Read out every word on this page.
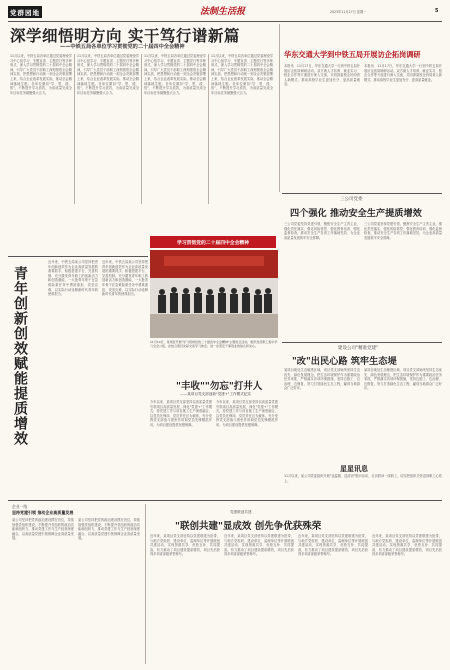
党群园地	法制生活报	2023年11月27日 星期一	5
深学细悟明方向 实干笃行谱新篇
——中铁五局各单位学习贯彻党的二十届四中全会精神
11月以来，中铁五局各单位通过党委理论学习中心组学习、专题宣讲、主题党日等多种形式，深入学习贯彻党的二十届四中全会精神，引导广大党员干部职工深刻领悟全会精神实质，把思想和行动统一到全会决策部署上来，结合企业改革发展实际，推动全会精神落地生根。各单位紧扣"学、思、践、悟"，不断提升学习质效，为高质量完成全年目标任务凝聚强大合力。
11月以来，中铁五局各单位通过党委理论学习中心组学习、专题宣讲、主题党日等多种形式，深入学习贯彻党的二十届四中全会精神，引导广大党员干部职工深刻领悟全会精神实质，把思想和行动统一到全会决策部署上来，结合企业改革发展实际，推动全会精神落地生根。各单位紧扣"学、思、践、悟"，不断提升学习质效，为高质量完成全年目标任务凝聚强大合力。
11月以来，中铁五局各单位通过党委理论学习中心组学习、专题宣讲、主题党日等多种形式，深入学习贯彻党的二十届四中全会精神，引导广大党员干部职工深刻领悟全会精神实质，把思想和行动统一到全会决策部署上来，结合企业改革发展实际，推动全会精神落地生根。各单位紧扣"学、思、践、悟"，不断提升学习质效，为高质量完成全年目标任务凝聚强大合力。
11月以来，中铁五局各单位通过党委理论学习中心组学习、专题宣讲、主题党日等多种形式，深入学习贯彻党的二十届四中全会精神，引导广大党员干部职工深刻领悟全会精神实质，把思想和行动统一到全会决策部署上来，结合企业改革发展实际，推动全会精神落地生根。各单位紧扣"学、思、践、悟"，不断提升学习质效，为高质量完成全年目标任务凝聚强大合力。
学习贯彻党的二十届四中全会精神
华东交通大学到中铁五局开展访企拓岗调研
本报讯　11月17日，华东交通大学一行到中铁五局开展访企拓岗调研活动。双方就人才培养、就业实习、校企合作等方面进行深入交流，共同探索校企协同育人新模式，推动高校毕业生更加充分、更高质量就业。
本报讯　11月17日，华东交通大学一行到中铁五局开展访企拓岗调研活动。双方就人才培养、就业实习、校企合作等方面进行深入交流，共同探索校企协同育人新模式，推动高校毕业生更加充分、更高质量就业。
三公司党委
四个强化 推动安全生产提质增效
三公司党委坚持党建引领，聚焦安全生产主责主业，强化责任落实、强化风险管控、强化教育培训、强化监督检查，推动安全生产各项工作落地见效，为企业高质量发展筑牢安全屏障。
三公司党委坚持党建引领，聚焦安全生产主责主业，强化责任落实、强化风险管控、强化教育培训、强化监督检查，推动安全生产各项工作落地见效，为企业高质量发展筑牢安全屏障。

青年创新创效赋能提质增效
近年来，中铁五局某公司坚持把青年创新创效作为企业高质量发展的重要抓手，积极搭建平台、完善机制，充分激发青年职工的创新活力和创造潜能，一大批青年骨干在急难险重任务中勇挑重担、攻坚克难，以实际行动诠释新时代青年的使命担当。
近年来，中铁五局某公司坚持把青年创新创效作为企业高质量发展的重要抓手，积极搭建平台、完善机制，充分激发青年职工的创新活力和创造潜能，一大批青年骨干在急难险重任务中勇挑重担、攻坚克难，以实际行动诠释新时代青年的使命担当。
11月19日，某项目开展"学习贯彻党的二十届四中全会精神"主题党日活动，组织党员职工集中学习全会公报，并结合项目实际交流学习体会，进一步坚定干事创业的信心和决心。
"丰收""勿忘"打井人
——某项目党支部创新"党建+"工作模式纪实
今年以来，某项目党支部坚持以高质量党建引领项目高质量发展，深化"党建+"工作模式，将党建工作与项目施工生产深度融合，以党员先锋岗、党员责任区为载体，充分发挥党支部战斗堡垒作用和党员先锋模范作用，为项目建设提供坚强保障。
今年以来，某项目党支部坚持以高质量党建引领项目高质量发展，深化"党建+"工作模式，将党建工作与项目施工生产深度融合，以党员先锋岗、党员责任区为载体，充分发挥党支部战斗堡垒作用和党员先锋模范作用，为项目建设提供坚强保障。
建设公司"精准党建"
"改"出民心路 筑牢生态堤
某项目地处生态敏感区域，项目党支部始终坚持生态优先、绿色发展理念，把生态环境保护作为重要政治任务来抓，严格落实各项环保措施，坚持边施工、边治理、边修复，努力打造绿色生态工程，赢得当地群众广泛好评。
某项目地处生态敏感区域，项目党支部始终坚持生态优先、绿色发展理念，把生态环境保护作为重要政治任务来抓，严格落实各项环保措施，坚持边施工、边治理、边修复，努力打造绿色生态工程，赢得当地群众广泛好评。
星星讯息
11月以来，某公司党委组织开展"送温暖、送清凉"慰问活动，走访慰问一线职工，切实把组织关怀送到职工心坎上。
企业一线
坚持党建引领 推动企业高质量发展
某公司坚持把党的政治建设摆在首位，持续加强党组织建设，不断提升党组织的政治功能和组织力，推动党建工作与生产经营深度融合，以高质量党建引领保障企业高质量发展。
某公司坚持把党的政治建设摆在首位，持续加强党组织建设，不断提升党组织的政治功能和组织力，推动党建工作与生产经营深度融合，以高质量党建引领保障企业高质量发展。
党建联创共建
"联创共建"显成效 创先争优获殊荣
近年来，某项目党支部坚持以党建联建为纽带，与地方党组织、建设单位、监理单位等开展联创共建活动，实现资源共享、优势互补、共同提高，有力推动了项目建设提质增效，项目先后获得多项省部级荣誉称号。
近年来，某项目党支部坚持以党建联建为纽带，与地方党组织、建设单位、监理单位等开展联创共建活动，实现资源共享、优势互补、共同提高，有力推动了项目建设提质增效，项目先后获得多项省部级荣誉称号。
近年来，某项目党支部坚持以党建联建为纽带，与地方党组织、建设单位、监理单位等开展联创共建活动，实现资源共享、优势互补、共同提高，有力推动了项目建设提质增效，项目先后获得多项省部级荣誉称号。
近年来，某项目党支部坚持以党建联建为纽带，与地方党组织、建设单位、监理单位等开展联创共建活动，实现资源共享、优势互补、共同提高，有力推动了项目建设提质增效，项目先后获得多项省部级荣誉称号。
